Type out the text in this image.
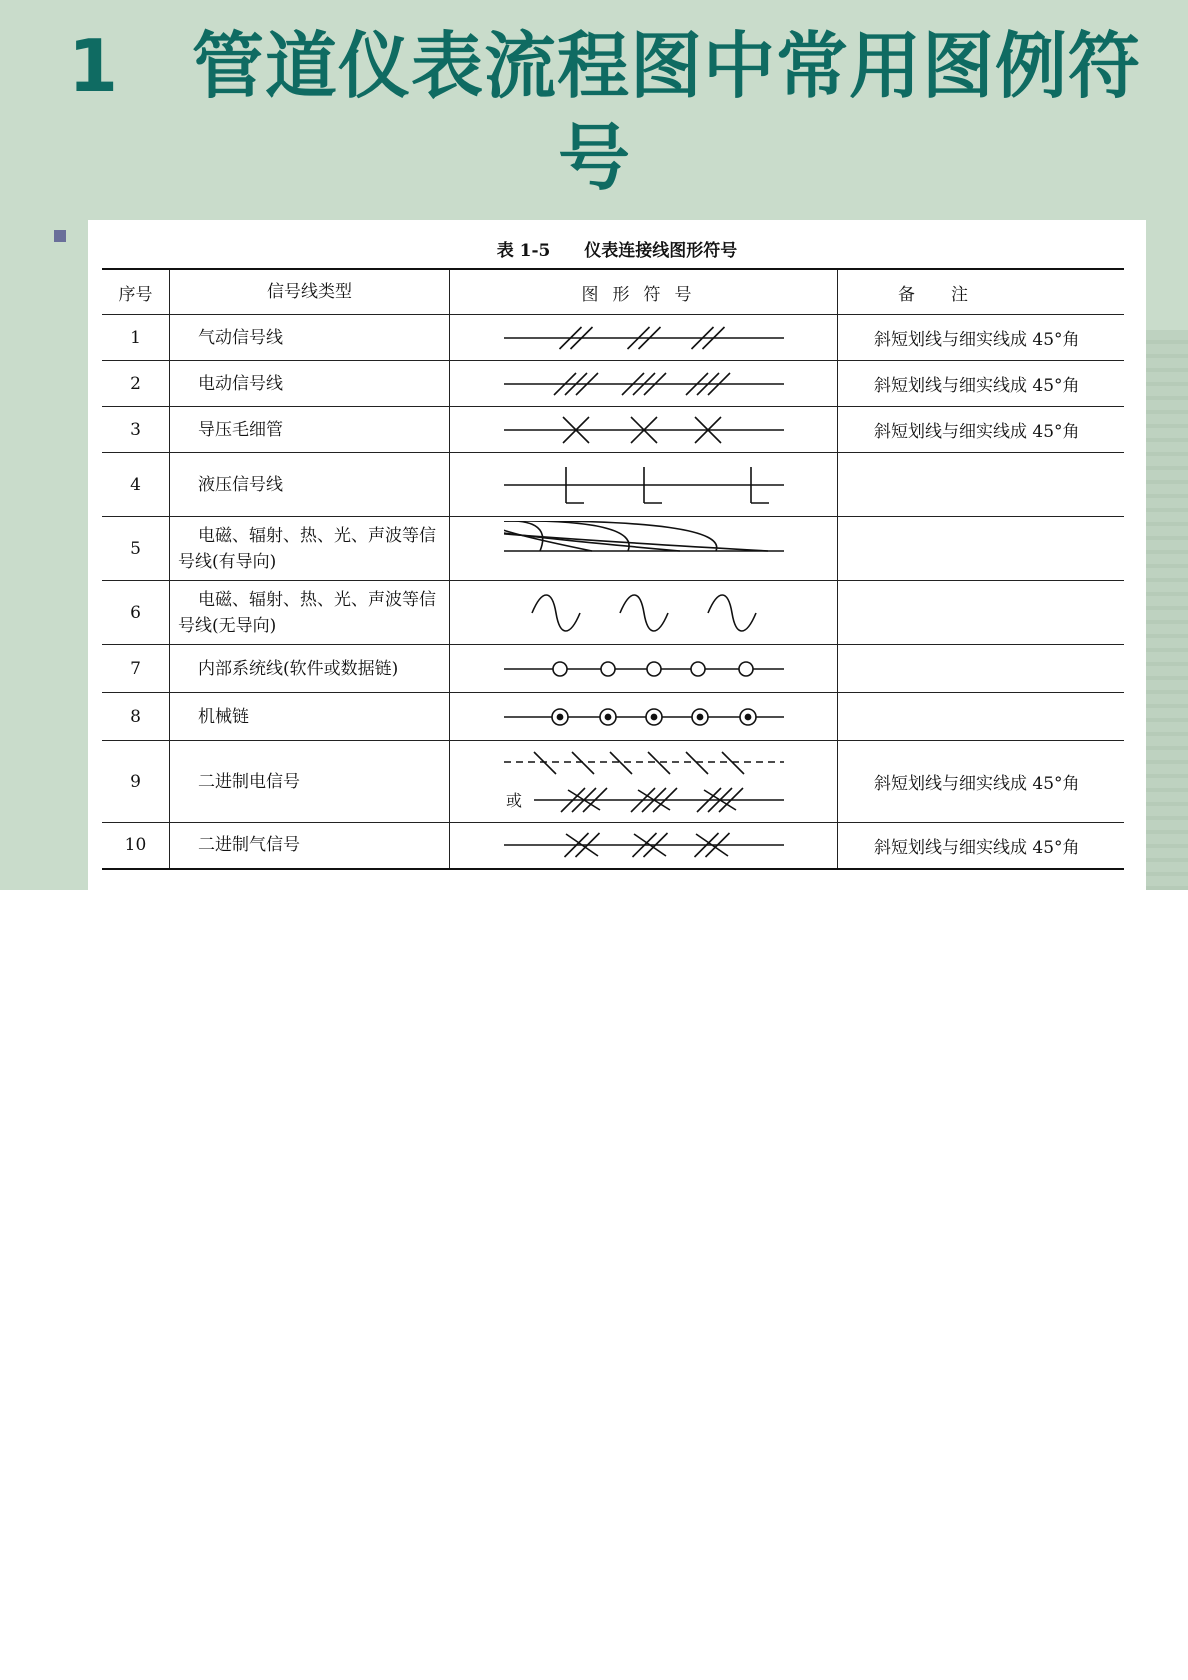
1 管道仪表流程图中常用图例符
号
表 1-5 仪表连接线图形符号
序号	信号线类型	图形符号	备注
1	气动信号线		斜短划线与细实线成 45°角
2	电动信号线		斜短划线与细实线成 45°角
3	导压毛细管		斜短划线与细实线成 45°角
4	液压信号线	

5	电磁、辐射、热、光、声波等信
号线(有导向)	

6	电磁、辐射、热、光、声波等信
号线(无导向)	

7	内部系统线(软件或数据链)	

8	机械链	

9	二进制电信号	或	斜短划线与细实线成 45°角
10	二进制气信号		斜短划线与细实线成 45°角
